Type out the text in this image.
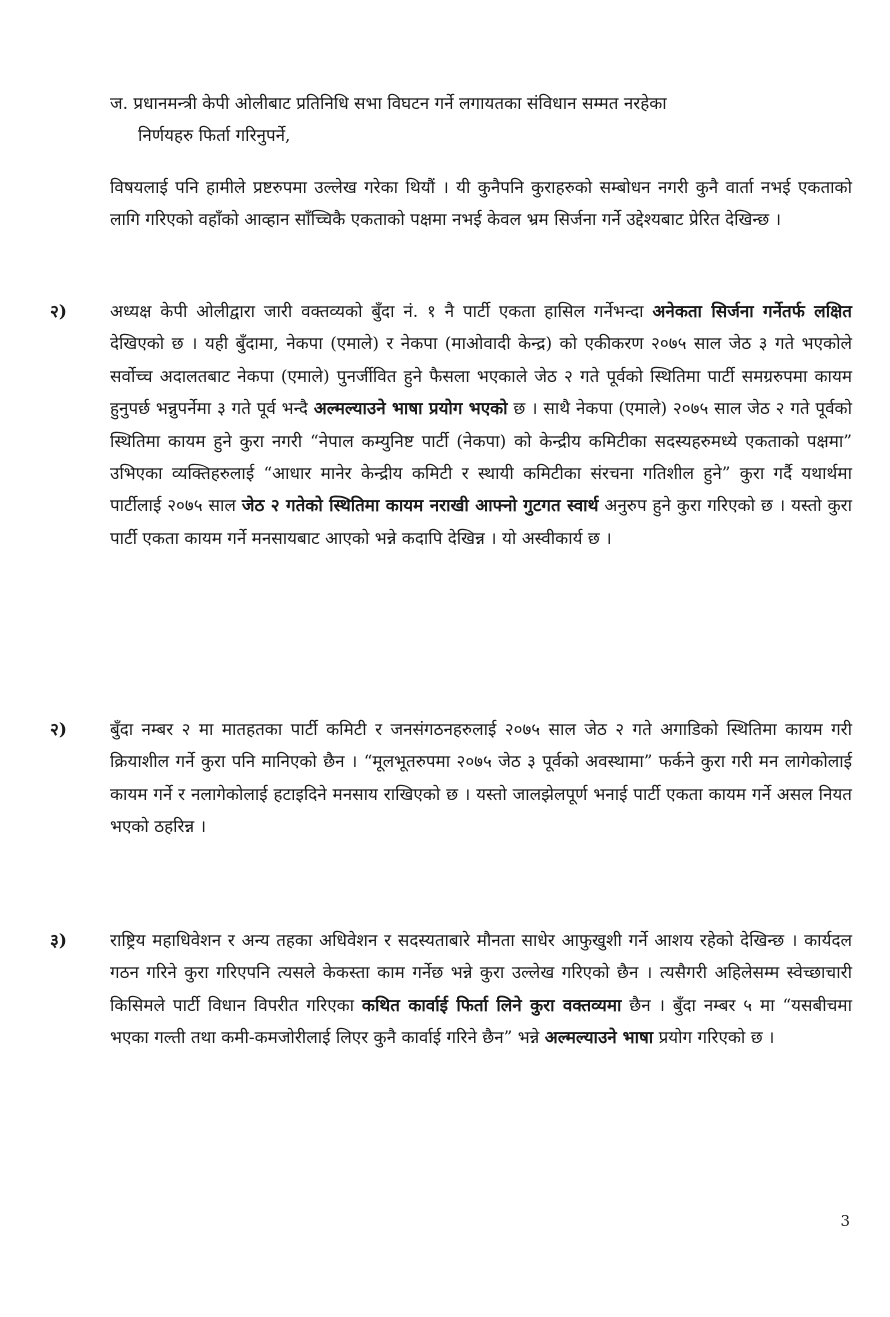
ज. प्रधानमन्त्री केपी ओलीबाट प्रतिनिधि सभा विघटन गर्ने लगायतका संविधान सम्मत नरहेका
निर्णयहरु फिर्ता गरिनुपर्ने,
विषयलाई पनि हामीले प्रष्टरुपमा उल्लेख गरेका थियौं । यी कुनैपनि कुराहरुको सम्बोधन नगरी कुनै वार्ता नभई एकताको लागि गरिएको वहाँको आव्हान साँच्चिकै एकताको पक्षमा नभई केवल भ्रम सिर्जना गर्ने उद्देश्यबाट प्रेरित देखिन्छ ।
२)	अध्यक्ष केपी ओलीद्वारा जारी वक्तव्यको बुँदा नं. १ नै पार्टी एकता हासिल गर्नेभन्दा अनेकता सिर्जना गर्नेतर्फ लक्षित देखिएको छ । यही बुँदामा, नेकपा (एमाले) र नेकपा (माओवादी केन्द्र) को एकीकरण २०७५ साल जेठ ३ गते भएकोले सर्वोच्च अदालतबाट नेकपा (एमाले) पुनर्जीवित हुने फैसला भएकाले जेठ २ गते पूर्वको स्थितिमा पार्टी समग्ररुपमा कायम हुनुपर्छ भन्नुपर्नेमा ३ गते पूर्व भन्दै अल्मल्याउने भाषा प्रयोग भएको छ । साथै नेकपा (एमाले) २०७५ साल जेठ २ गते पूर्वको स्थितिमा कायम हुने कुरा नगरी “नेपाल कम्युनिष्ट पार्टी (नेकपा) को केन्द्रीय कमिटीका सदस्यहरुमध्ये एकताको पक्षमा” उभिएका व्यक्तिहरुलाई “आधार मानेर केन्द्रीय कमिटी र स्थायी कमिटीका संरचना गतिशील हुने” कुरा गर्दै यथार्थमा पार्टीलाई २०७५ साल जेठ २ गतेको स्थितिमा कायम नराखी आफ्नो गुटगत स्वार्थ अनुरुप हुने कुरा गरिएको छ । यस्तो कुरा पार्टी एकता कायम गर्ने मनसायबाट आएको भन्ने कदापि देखिन्न । यो अस्वीकार्य छ ।
२)	बुँदा नम्बर २ मा मातहतका पार्टी कमिटी र जनसंगठनहरुलाई २०७५ साल जेठ २ गते अगाडिको स्थितिमा कायम गरी क्रियाशील गर्ने कुरा पनि मानिएको छैन । “मूलभूतरुपमा २०७५ जेठ ३ पूर्वको अवस्थामा” फर्कने कुरा गरी मन लागेकोलाई कायम गर्ने र नलागेकोलाई हटाइदिने मनसाय राखिएको छ । यस्तो जालझेलपूर्ण भनाई पार्टी एकता कायम गर्ने असल नियत भएको ठहरिन्न ।
३)	राष्ट्रिय महाधिवेशन र अन्य तहका अधिवेशन र सदस्यताबारे मौनता साधेर आफुखुशी गर्ने आशय रहेको देखिन्छ । कार्यदल गठन गरिने कुरा गरिएपनि त्यसले केकस्ता काम गर्नेछ भन्ने कुरा उल्लेख गरिएको छैन । त्यसैगरी अहिलेसम्म स्वेच्छाचारी किसिमले पार्टी विधान विपरीत गरिएका कथित कार्वाई फिर्ता लिने कुरा वक्तव्यमा छैन । बुँदा नम्बर ५ मा “यसबीचमा भएका गल्ती तथा कमी-कमजोरीलाई लिएर कुनै कार्वाई गरिने छैन” भन्ने अल्मल्याउने भाषा प्रयोग गरिएको छ ।
3
